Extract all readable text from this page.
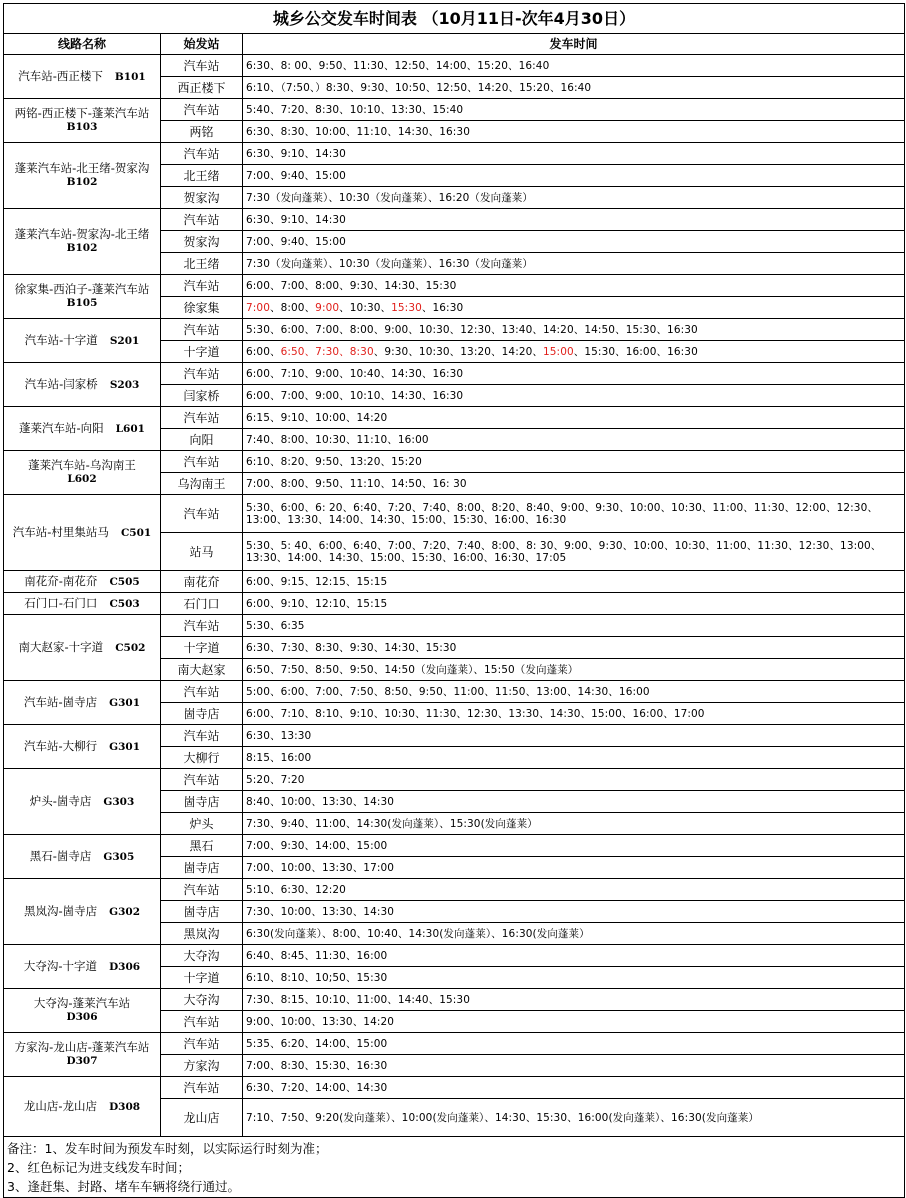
城乡公交发车时间表 （10月11日-次年4月30日）		
线路名称	始发站	发车时间
汽车站-西正楼下 B101	汽车站	6:30、8: 00、9:50、11:30、12:50、14:00、15:20、16:40
	西正楼下	6:10、（7:50、）8:30、9:30、10:50、12:50、14:20、15:20、16:40
两铭-西正楼下-蓬莱汽车站
B103	汽车站	5:40、7:20、8:30、10:10、13:30、15:40
	两铭	6:30、8:30、10:00、11:10、14:30、16:30
蓬莱汽车站-北王绪-贺家沟
B102	汽车站	6:30、9:10、14:30
	北王绪	7:00、9:40、15:00
	贺家沟	7:30（发向蓬莱）、10:30（发向蓬莱）、16:20（发向蓬莱）
蓬莱汽车站-贺家沟-北王绪
B102	汽车站	6:30、9:10、14:30
	贺家沟	7:00、9:40、15:00
	北王绪	7:30（发向蓬莱）、10:30（发向蓬莱）、16:30（发向蓬莱）
徐家集-西泊子-蓬莱汽车站
B105	汽车站	6:00、7:00、8:00、9:30、14:30、15:30
	徐家集	7:00、8:00、9:00、10:30、15:30、16:30
汽车站-十字道 S201	汽车站	5:30、6:00、7:00、8:00、9:00、10:30、12:30、13:40、14:20、14:50、15:30、16:30
	十字道	6:00、6:50、7:30、8:30、9:30、10:30、13:20、14:20、15:00、15:30、16:00、16:30
汽车站-闫家桥 S203	汽车站	6:00、7:10、9:00、10:40、14:30、16:30
	闫家桥	6:00、7:00、9:00、10:10、14:30、16:30
蓬莱汽车站-向阳 L601	汽车站	6:15、9:10、10:00、14:20
	向阳	7:40、8:00、10:30、11:10、16:00
蓬莱汽车站-乌沟南王
L602	汽车站	6:10、8:20、9:50、13:20、15:20
	乌沟南王	7:00、8:00、9:50、11:10、14:50、16: 30
汽车站-村里集站马 C501	汽车站	5:30、6:00、6: 20、6:40、7:20、7:40、8:00、8:20、8:40、9:00、9:30、10:00、10:30、11:00、11:30、12:00、12:30、13:00、13:30、14:00、14:30、15:00、15:30、16:00、16:30
	站马	5:30、5: 40、6:00、6:40、7:00、7:20、7:40、8:00、8: 30、9:00、9:30、10:00、10:30、11:00、11:30、12:30、13:00、13:30、14:00、14:30、15:00、15:30、16:00、16:30、17:05
南花夼-南花夼 C505	南花夼	6:00、9:15、12:15、15:15
石门口-石门口 C503	石门口	6:00、9:10、12:10、15:15
南大赵家-十字道 C502	汽车站	5:30、6:35
	十字道	6:30、7:30、8:30、9:30、14:30、15:30
	南大赵家	6:50、7:50、8:50、9:50、14:50（发向蓬莱）、15:50（发向蓬莱）
汽车站-崮寺店 G301	汽车站	5:00、6:00、7:00、7:50、8:50、9:50、11:00、11:50、13:00、14:30、16:00
	崮寺店	6:00、7:10、8:10、9:10、10:30、11:30、12:30、13:30、14:30、15:00、16:00、17:00
汽车站-大柳行 G301	汽车站	6:30、13:30
	大柳行	8:15、16:00
炉头-崮寺店 G303	汽车站	5:20、7:20
	崮寺店	8:40、10:00、13:30、14:30
	炉头	7:30、9:40、11:00、14:30(发向蓬莱）、15:30(发向蓬莱）
黑石-崮寺店 G305	黑石	7:00、9:30、14:00、15:00
	崮寺店	7:00、10:00、13:30、17:00
黑岚沟-崮寺店 G302	汽车站	5:10、6:30、12:20
	崮寺店	7:30、10:00、13:30、14:30
	黑岚沟	6:30(发向蓬莱）、8:00、10:40、14:30(发向蓬莱）、16:30(发向蓬莱）
大夺沟-十字道 D306	大夺沟	6:40、8:45、11:30、16:00
	十字道	6:10、8:10、10;50、15:30
大夺沟-蓬莱汽车站
D306	大夺沟	7:30、8:15、10:10、11:00、14:40、15:30
	汽车站	9:00、10:00、13:30、14:20
方家沟-龙山店-蓬莱汽车站
D307	汽车站	5:35、6:20、14:00、15:00
	方家沟	7:00、8:30、15:30、16:30
龙山店-龙山店 D308	汽车站	6:30、7:20、14:00、14:30
	龙山店	7:10、7:50、9:20(发向蓬莱）、10:00(发向蓬莱）、14:30、15:30、16:00(发向蓬莱）、16:30(发向蓬莱）

备注：1、发车时间为预发车时刻，以实际运行时刻为准；
2、红色标记为进支线发车时间；
3、逢赶集、封路、堵车车辆将绕行通过。		
